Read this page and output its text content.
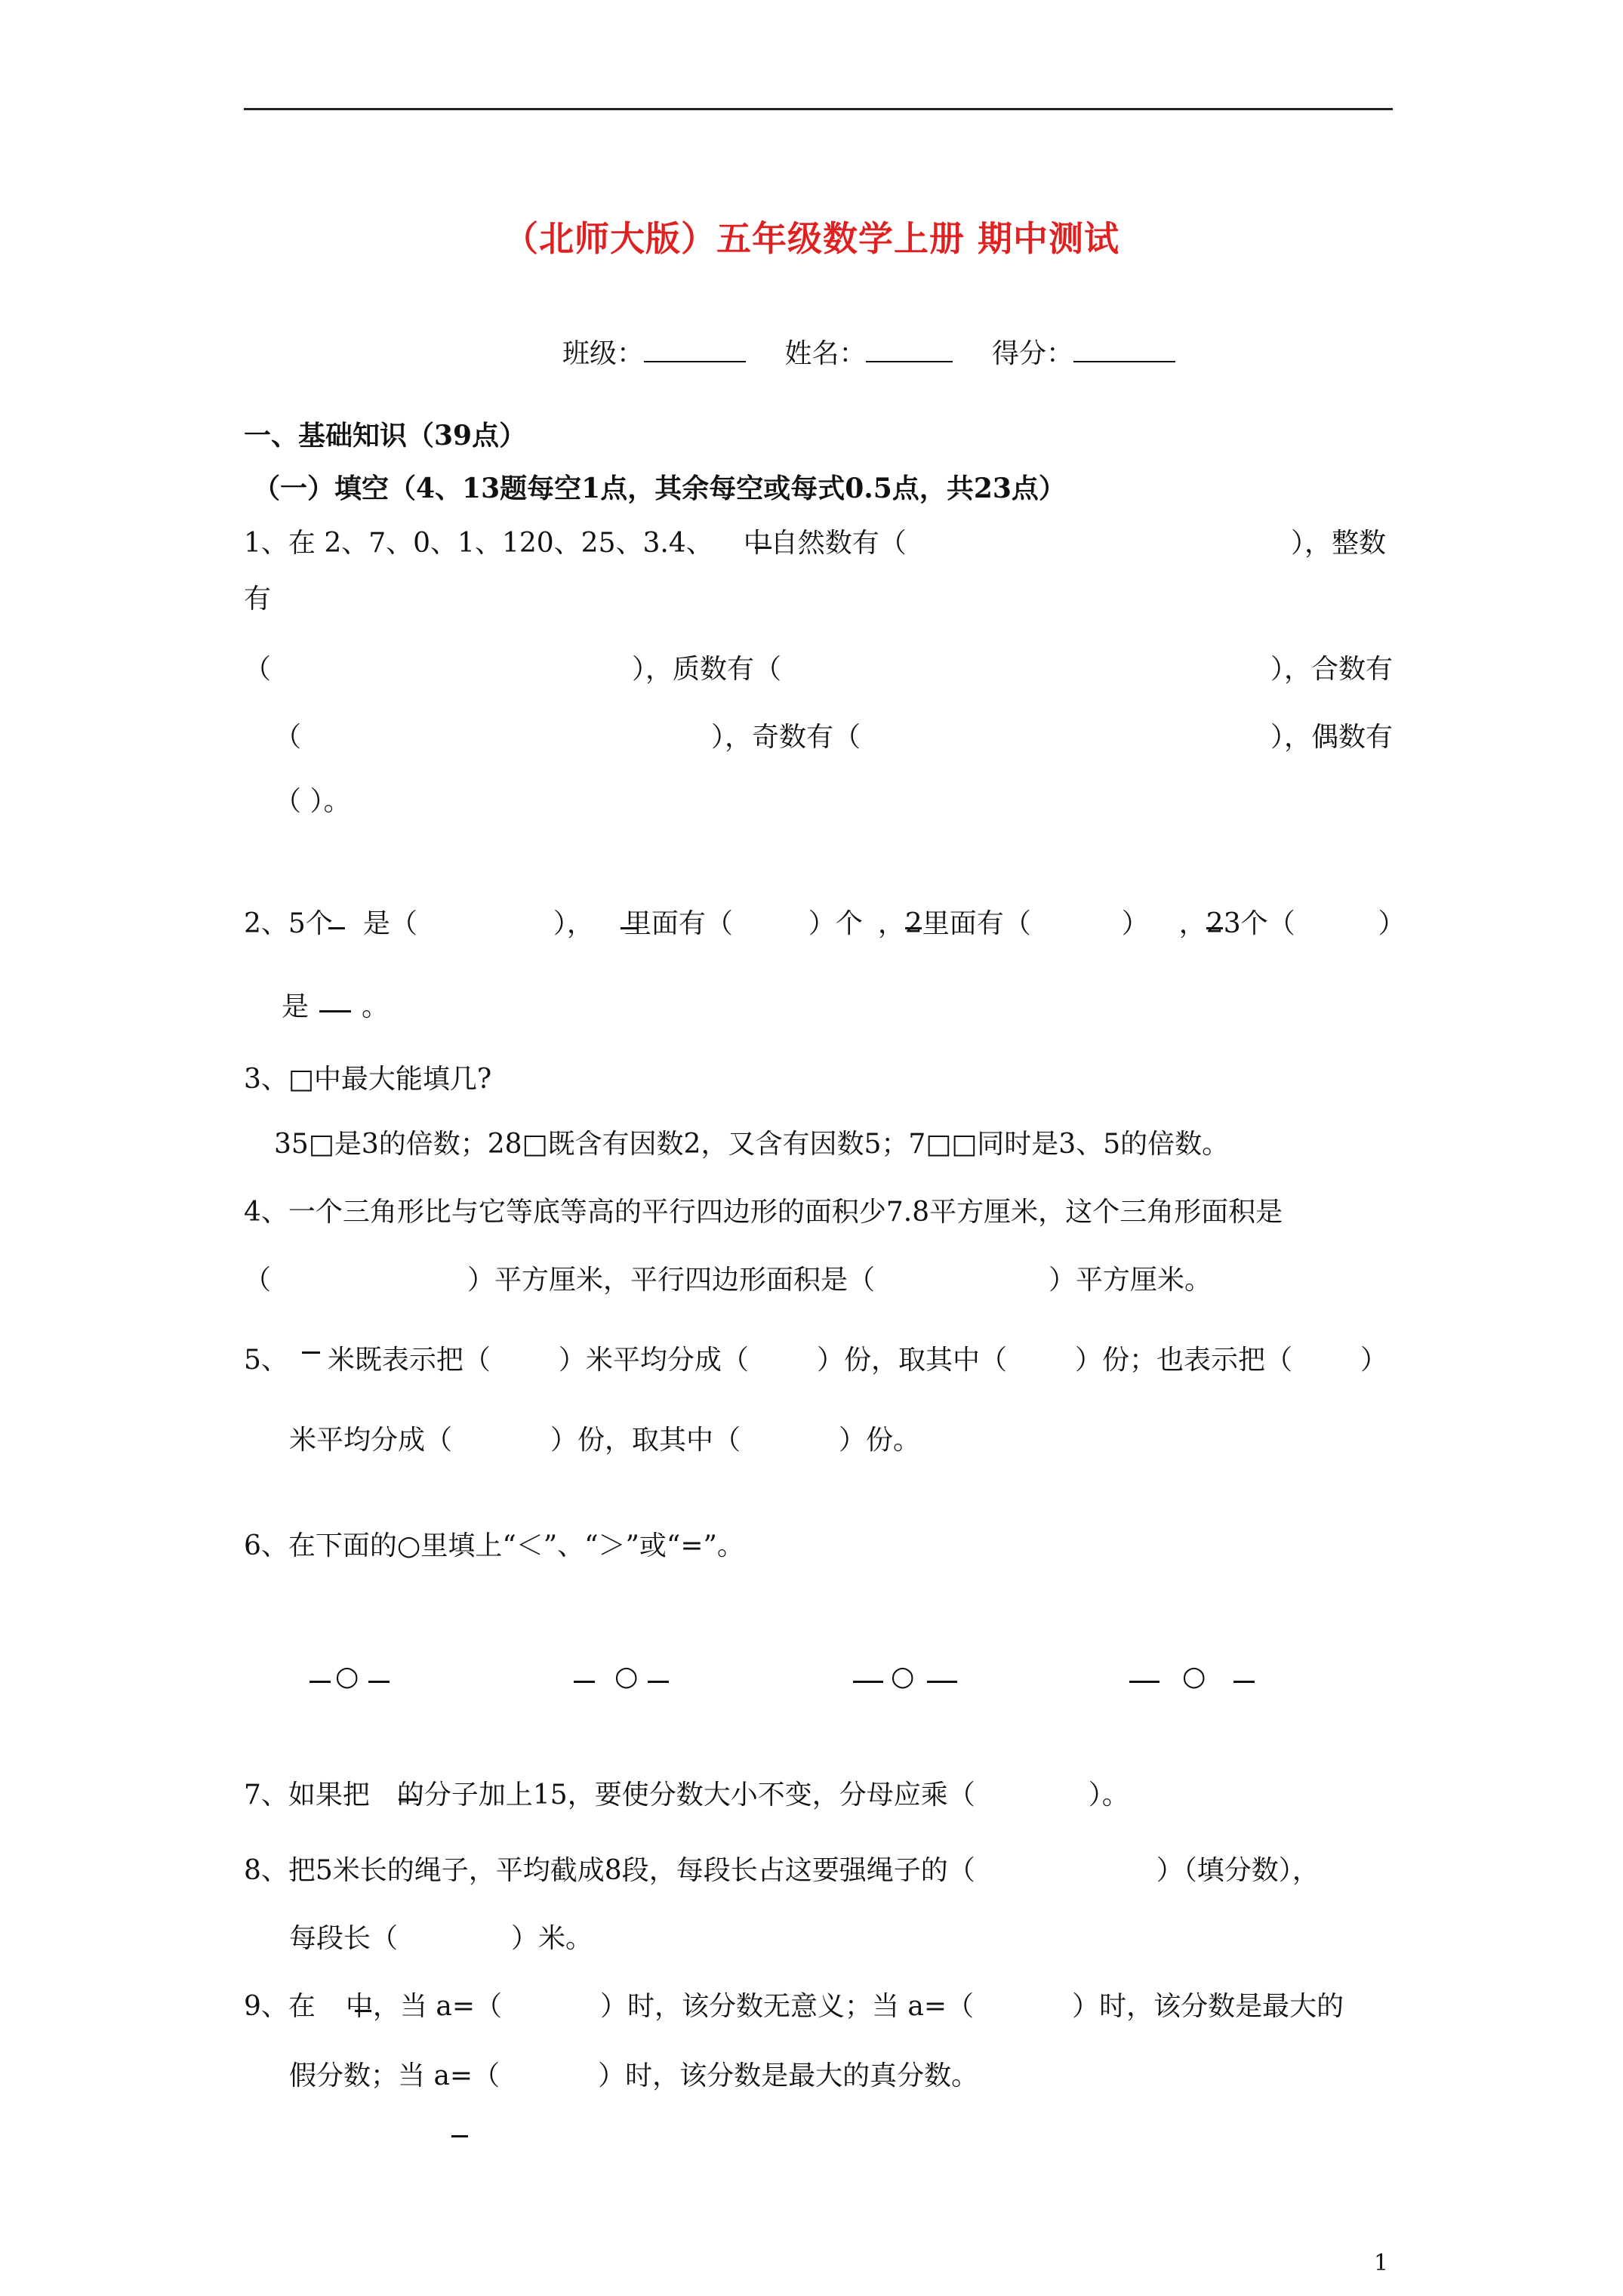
（北师大版）五年级数学上册 期中测试
班级：	姓名：	得分：
一、基础知识（39点）
（一）填空（4、13题每空1点，其余每空或每式0.5点，共23点）
1、在 2、7、0、1、120、25、3.4、 中自然数有（	），整数
有
（	），质数有（	），合数有
（	），奇数有（	），偶数有
（ ）。
2、5个 是（	）， 里面有（	）个 ，2里面有（	） ，23个（	）
是 。
3、□中最大能填几?
35□是3的倍数；28□既含有因数2，又含有因数5；7□□同时是3、5的倍数。
4、一个三角形比与它等底等高的平行四边形的面积少7.8平方厘米，这个三角形面积是
（	）平方厘米，平行四边形面积是（	）平方厘米。
5、 米既表示把（	）米平均分成（	）份，取其中（	）份；也表示把（	）
米平均分成（	）份，取其中（	）份。
6、在下面的○里填上“＜”、“＞”或“=”。
○	○	○	○
7、如果把 的分子加上15，要使分数大小不变，分母应乘（	）。
8、把5米长的绳子，平均截成8段，每段长占这要强绳子的（	）（填分数），
每段长（	）米。
9、在 中，当 a=（	）时，该分数无意义；当 a=（	）时，该分数是最大的
假分数；当 a=（	）时，该分数是最大的真分数。
1
